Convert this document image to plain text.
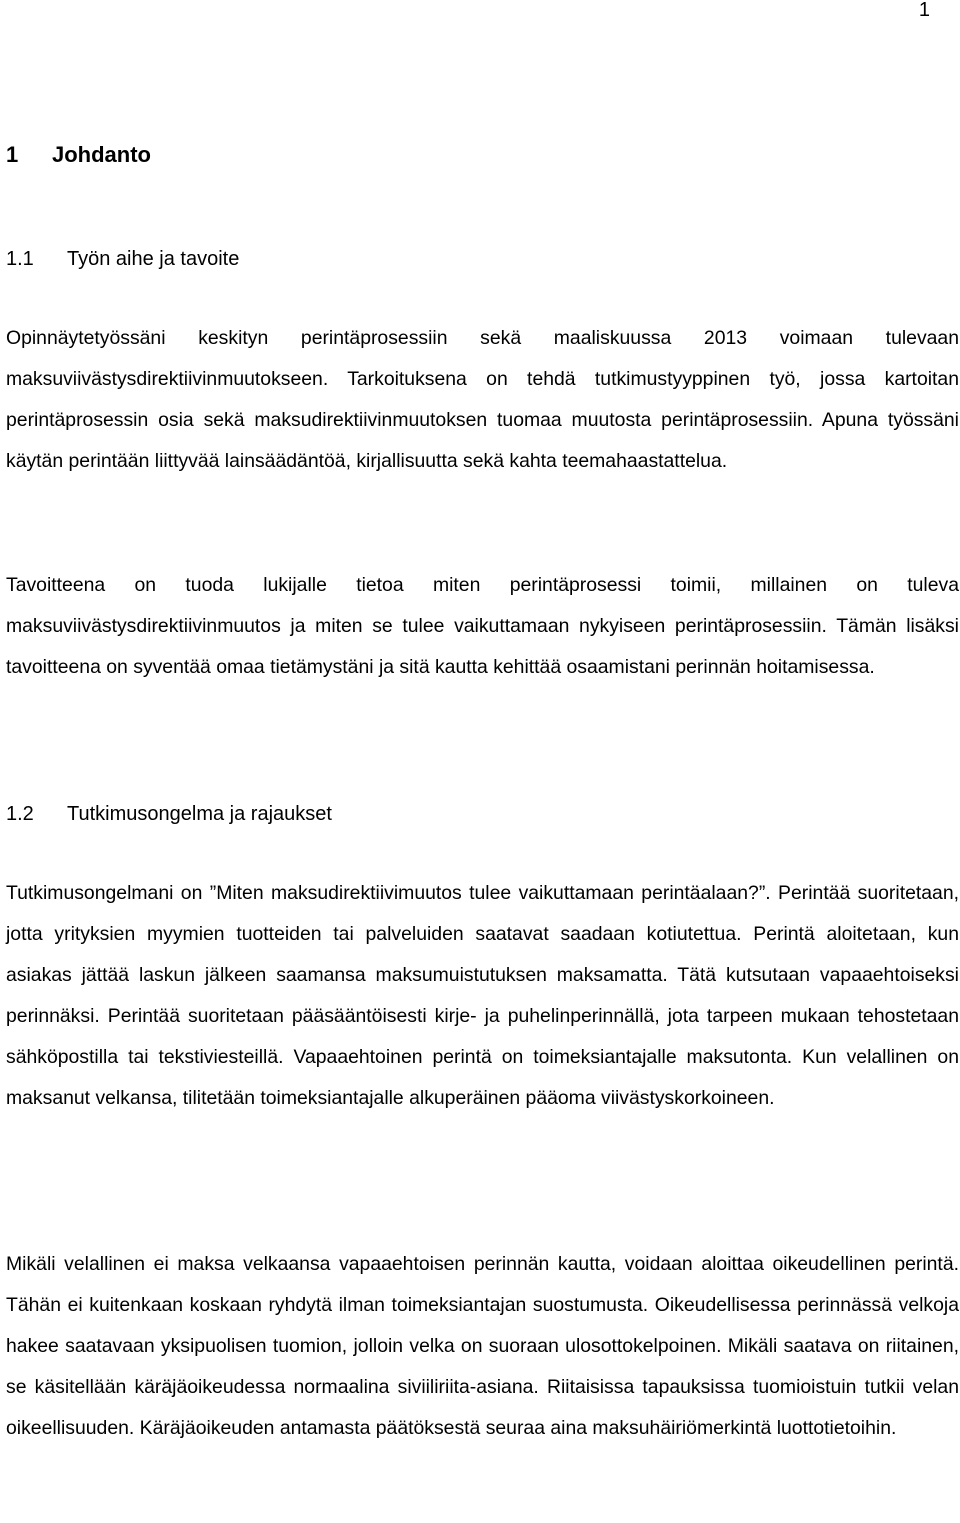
1
1 Johdanto
1.1 Työn aihe ja tavoite

Opinnäytetyössäni keskityn perintäprosessiin sekä maaliskuussa 2013 voimaan tulevaan maksuviivästysdirektiivinmuutokseen. Tarkoituksena on tehdä tutkimustyyppinen työ, jossa kartoitan perintäprosessin osia sekä maksudirektiivinmuutoksen tuomaa muutosta perintäprosessiin. Apuna työssäni käytän perintään liittyvää lainsäädäntöä, kirjallisuutta sekä kahta teemahaastattelua.

Tavoitteena on tuoda lukijalle tietoa miten perintäprosessi toimii, millainen on tuleva maksuviivästysdirektiivinmuutos ja miten se tulee vaikuttamaan nykyiseen perintäprosessiin. Tämän lisäksi tavoitteena on syventää omaa tietämystäni ja sitä kautta kehittää osaamistani perinnän hoitamisessa.

1.2 Tutkimusongelma ja rajaukset

Tutkimusongelmani on ”Miten maksudirektiivimuutos tulee vaikuttamaan perintäalaan?”. Perintää suoritetaan, jotta yrityksien myymien tuotteiden tai palveluiden saatavat saadaan kotiutettua. Perintä aloitetaan, kun asiakas jättää laskun jälkeen saamansa maksumuistutuksen maksamatta. Tätä kutsutaan vapaaehtoiseksi perinnäksi. Perintää suoritetaan pääsääntöisesti kirje- ja puhelinperinnällä, jota tarpeen mukaan tehostetaan sähköpostilla tai tekstiviesteillä. Vapaaehtoinen perintä on toimeksiantajalle maksutonta. Kun velallinen on maksanut velkansa, tilitetään toimeksiantajalle alkuperäinen pääoma viivästyskorkoineen.

Mikäli velallinen ei maksa velkaansa vapaaehtoisen perinnän kautta, voidaan aloittaa oikeudellinen perintä. Tähän ei kuitenkaan koskaan ryhdytä ilman toimeksiantajan suostumusta. Oikeudellisessa perinnässä velkoja hakee saatavaan yksipuolisen tuomion, jolloin velka on suoraan ulosottokelpoinen. Mikäli saatava on riitainen, se käsitellään käräjäoikeudessa normaalina siviiliriita-asiana. Riitaisissa tapauksissa tuomioistuin tutkii velan oikeellisuuden. Käräjäoikeuden antamasta päätöksestä seuraa aina maksuhäiriömerkintä luottotietoihin.
